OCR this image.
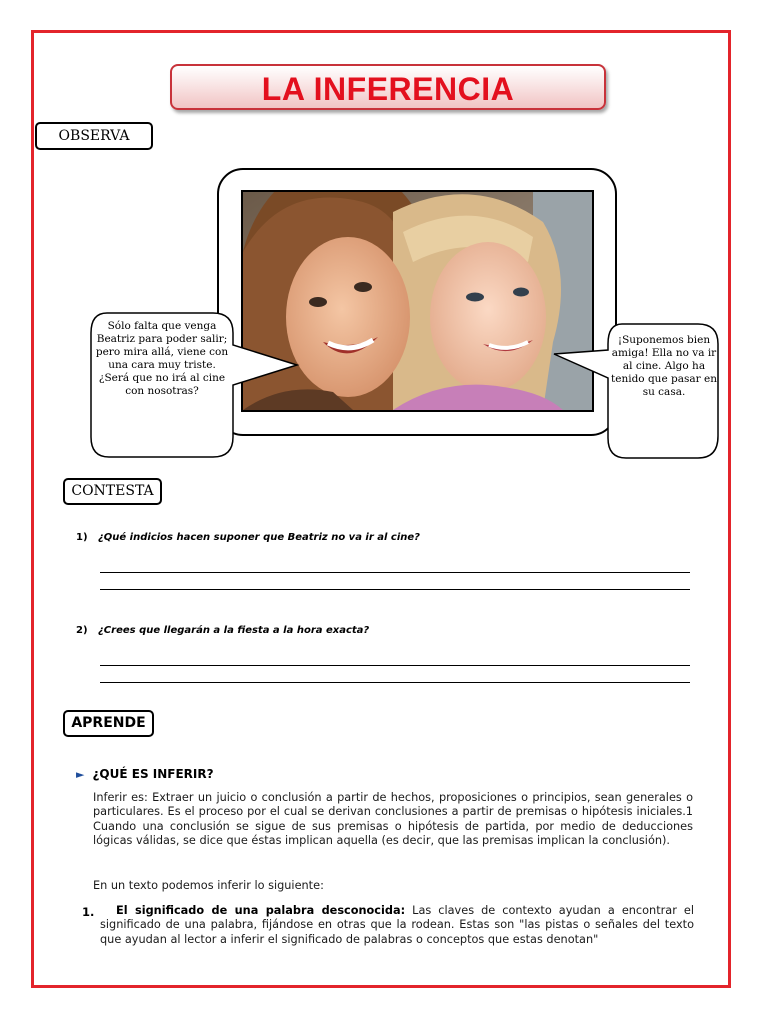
LA INFERENCIA
OBSERVA
Sólo falta que venga
Beatriz para poder salir;
pero mira allá, viene con
una cara muy triste.
¿Será que no irá al cine
con nosotras?
¡Suponemos bien
amiga! Ella no va ir
al cine. Algo ha
tenido que pasar en
su casa.
CONTESTA
1) ¿Qué indicios hacen suponer que Beatriz no va ir al cine?
2) ¿Crees que llegarán a la fiesta a la hora exacta?
APRENDE
► ¿QUÉ ES INFERIR?
Inferir es: Extraer un juicio o conclusión a partir de hechos, proposiciones o principios, sean generales o particulares. Es el proceso por el cual se derivan conclusiones a partir de premisas o hipótesis iniciales.1 Cuando una conclusión se sigue de sus premisas o hipótesis de partida, por medio de deducciones lógicas válidas, se dice que éstas implican aquella (es decir, que las premisas implican la conclusión).
En un texto podemos inferir lo siguiente:
1.	El significado de una palabra desconocida: Las claves de contexto ayudan a encontrar el significado de una palabra, fijándose en otras que la rodean. Estas son "las pistas o señales del texto que ayudan al lector a inferir el significado de palabras o conceptos que estas denotan"
